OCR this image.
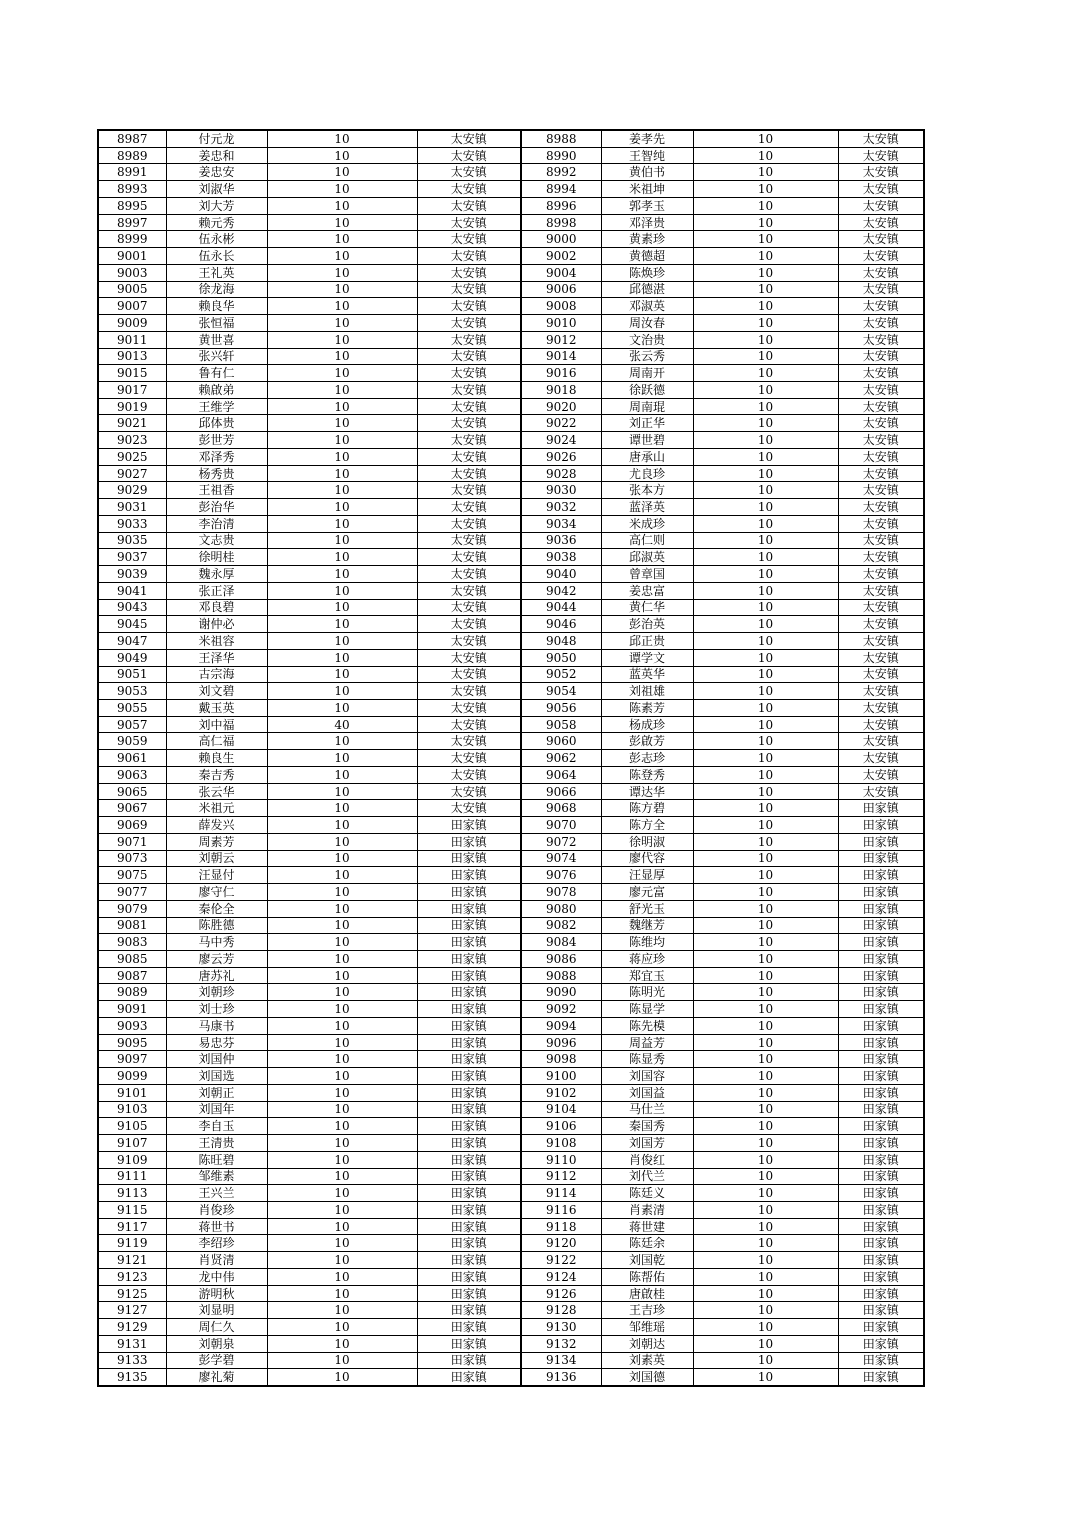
8987	付元龙	10	太安镇	8988	姜孝先	10	太安镇
8989	姜忠和	10	太安镇	8990	王智纯	10	太安镇
8991	姜忠安	10	太安镇	8992	黄伯书	10	太安镇
8993	刘淑华	10	太安镇	8994	米祖坤	10	太安镇
8995	刘大芳	10	太安镇	8996	郭孝玉	10	太安镇
8997	赖元秀	10	太安镇	8998	邓泽贵	10	太安镇
8999	伍永彬	10	太安镇	9000	黄素珍	10	太安镇
9001	伍永长	10	太安镇	9002	黄德超	10	太安镇
9003	王礼英	10	太安镇	9004	陈焕珍	10	太安镇
9005	徐龙海	10	太安镇	9006	邱德湛	10	太安镇
9007	赖良华	10	太安镇	9008	邓淑英	10	太安镇
9009	张恒福	10	太安镇	9010	周汝春	10	太安镇
9011	黄世喜	10	太安镇	9012	文治贵	10	太安镇
9013	张兴轩	10	太安镇	9014	张云秀	10	太安镇
9015	鲁有仁	10	太安镇	9016	周南开	10	太安镇
9017	赖啟弟	10	太安镇	9018	徐跃德	10	太安镇
9019	王维学	10	太安镇	9020	周南琨	10	太安镇
9021	邱体贵	10	太安镇	9022	刘正华	10	太安镇
9023	彭世芳	10	太安镇	9024	谭世碧	10	太安镇
9025	邓泽秀	10	太安镇	9026	唐承山	10	太安镇
9027	杨秀贵	10	太安镇	9028	尤良珍	10	太安镇
9029	王祖香	10	太安镇	9030	张本方	10	太安镇
9031	彭治华	10	太安镇	9032	蓝泽英	10	太安镇
9033	李治清	10	太安镇	9034	米成珍	10	太安镇
9035	文志贵	10	太安镇	9036	高仁则	10	太安镇
9037	徐明桂	10	太安镇	9038	邱淑英	10	太安镇
9039	魏永厚	10	太安镇	9040	曾章国	10	太安镇
9041	张正泽	10	太安镇	9042	姜忠富	10	太安镇
9043	邓良碧	10	太安镇	9044	黄仁华	10	太安镇
9045	谢仲必	10	太安镇	9046	彭治英	10	太安镇
9047	米祖容	10	太安镇	9048	邱正贵	10	太安镇
9049	王泽华	10	太安镇	9050	谭学文	10	太安镇
9051	古宗海	10	太安镇	9052	蓝英华	10	太安镇
9053	刘文碧	10	太安镇	9054	刘祖雄	10	太安镇
9055	戴玉英	10	太安镇	9056	陈素芳	10	太安镇
9057	刘中福	40	太安镇	9058	杨成珍	10	太安镇
9059	高仁福	10	太安镇	9060	彭啟芳	10	太安镇
9061	赖良生	10	太安镇	9062	彭志珍	10	太安镇
9063	秦吉秀	10	太安镇	9064	陈登秀	10	太安镇
9065	张云华	10	太安镇	9066	谭达华	10	太安镇
9067	米祖元	10	太安镇	9068	陈方碧	10	田家镇
9069	薛发兴	10	田家镇	9070	陈方全	10	田家镇
9071	周素芳	10	田家镇	9072	徐明淑	10	田家镇
9073	刘朝云	10	田家镇	9074	廖代容	10	田家镇
9075	汪显付	10	田家镇	9076	汪显厚	10	田家镇
9077	廖守仁	10	田家镇	9078	廖元富	10	田家镇
9079	秦伦全	10	田家镇	9080	舒光玉	10	田家镇
9081	陈胜德	10	田家镇	9082	魏继芳	10	田家镇
9083	马中秀	10	田家镇	9084	陈维均	10	田家镇
9085	廖云芳	10	田家镇	9086	蒋应珍	10	田家镇
9087	唐苏礼	10	田家镇	9088	郑宜玉	10	田家镇
9089	刘朝珍	10	田家镇	9090	陈明光	10	田家镇
9091	刘士珍	10	田家镇	9092	陈显学	10	田家镇
9093	马康书	10	田家镇	9094	陈先模	10	田家镇
9095	易忠芬	10	田家镇	9096	周益芳	10	田家镇
9097	刘国仲	10	田家镇	9098	陈显秀	10	田家镇
9099	刘国选	10	田家镇	9100	刘国容	10	田家镇
9101	刘朝正	10	田家镇	9102	刘国益	10	田家镇
9103	刘国年	10	田家镇	9104	马仕兰	10	田家镇
9105	李自玉	10	田家镇	9106	秦国秀	10	田家镇
9107	王清贵	10	田家镇	9108	刘国芳	10	田家镇
9109	陈旺碧	10	田家镇	9110	肖俊红	10	田家镇
9111	邹维素	10	田家镇	9112	刘代兰	10	田家镇
9113	王兴兰	10	田家镇	9114	陈廷义	10	田家镇
9115	肖俊珍	10	田家镇	9116	肖素清	10	田家镇
9117	蒋世书	10	田家镇	9118	蒋世建	10	田家镇
9119	李绍珍	10	田家镇	9120	陈廷余	10	田家镇
9121	肖贤清	10	田家镇	9122	刘国乾	10	田家镇
9123	龙中伟	10	田家镇	9124	陈帮佑	10	田家镇
9125	游明秋	10	田家镇	9126	唐啟桂	10	田家镇
9127	刘显明	10	田家镇	9128	王吉珍	10	田家镇
9129	周仁久	10	田家镇	9130	邹维瑶	10	田家镇
9131	刘朝泉	10	田家镇	9132	刘朝达	10	田家镇
9133	彭学碧	10	田家镇	9134	刘素英	10	田家镇
9135	廖礼菊	10	田家镇	9136	刘国德	10	田家镇
